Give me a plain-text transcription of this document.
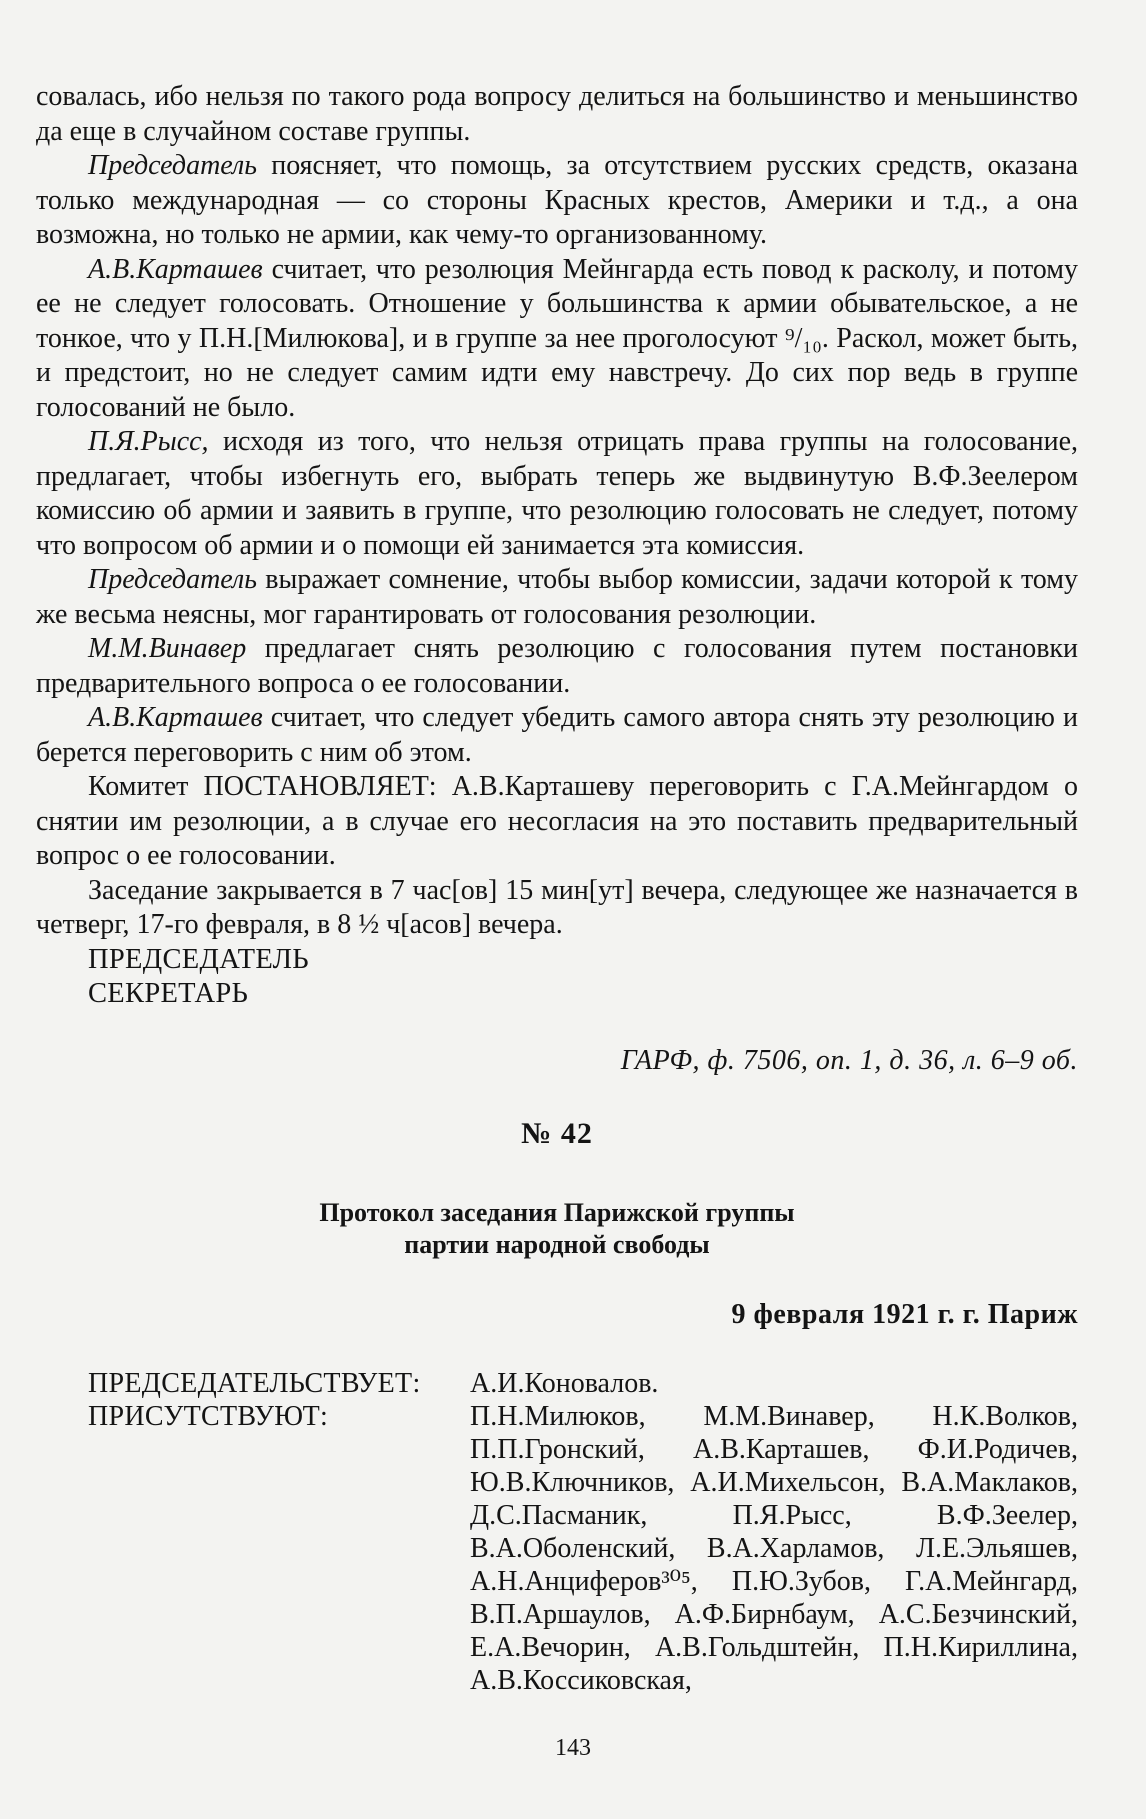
совалась, ибо нельзя по такого рода вопросу делиться на большинство и меньшинство да еще в случайном составе группы.

Председатель поясняет, что помощь, за отсутствием русских средств, оказана только международная — со стороны Красных крестов, Америки и т.д., а она возможна, но только не армии, как чему-то организованному.

А.В.Карташев считает, что резолюция Мейнгарда есть повод к расколу, и потому ее не следует голосовать. Отношение у большинства к армии обывательское, а не тонкое, что у П.Н.[Милюкова], и в группе за нее проголосуют ⁹/₁₀. Раскол, может быть, и предстоит, но не следует самим идти ему навстречу. До сих пор ведь в группе голосований не было.

П.Я.Рысс, исходя из того, что нельзя отрицать права группы на голосование, предлагает, чтобы избегнуть его, выбрать теперь же выдвинутую В.Ф.Зеелером комиссию об армии и заявить в группе, что резолюцию голосовать не следует, потому что вопросом об армии и о помощи ей занимается эта комиссия.

Председатель выражает сомнение, чтобы выбор комиссии, задачи которой к тому же весьма неясны, мог гарантировать от голосования резолюции.

М.М.Винавер предлагает снять резолюцию с голосования путем постановки предварительного вопроса о ее голосовании.

А.В.Карташев считает, что следует убедить самого автора снять эту резолюцию и берется переговорить с ним об этом.

Комитет ПОСТАНОВЛЯЕТ: А.В.Карташеву переговорить с Г.А.Мейнгардом о снятии им резолюции, а в случае его несогласия на это поставить предварительный вопрос о ее голосовании.

Заседание закрывается в 7 час[ов] 15 мин[ут] вечера, следующее же назначается в четверг, 17-го февраля, в 8 ½ ч[асов] вечера.

ПРЕДСЕДАТЕЛЬ
СЕКРЕТАРЬ
ГАРФ, ф. 7506, оп. 1, д. 36, л. 6–9 об.
№ 42
Протокол заседания Парижской группы
партии народной свободы
9 февраля 1921 г. г. Париж
ПРЕДСЕДАТЕЛЬСТВУЕТ:	А.И.Коновалов.
ПРИСУТСТВУЮТ:	П.Н.Милюков, М.М.Винавер, Н.К.Волков, П.П.Гронский, А.В.Карташев, Ф.И.Родичев, Ю.В.Ключников, А.И.Михельсон, В.А.Маклаков, Д.С.Пасманик, П.Я.Рысс, В.Ф.Зеелер, В.А.Оболенский, В.А.Харламов, Л.Е.Эльяшев, А.Н.Анциферов³⁰⁵, П.Ю.Зубов, Г.А.Мейнгард, В.П.Аршаулов, А.Ф.Бирнбаум, А.С.Безчинский, Е.А.Вечорин, А.В.Гольдштейн, П.Н.Кириллина, А.В.Коссиковская,
143
